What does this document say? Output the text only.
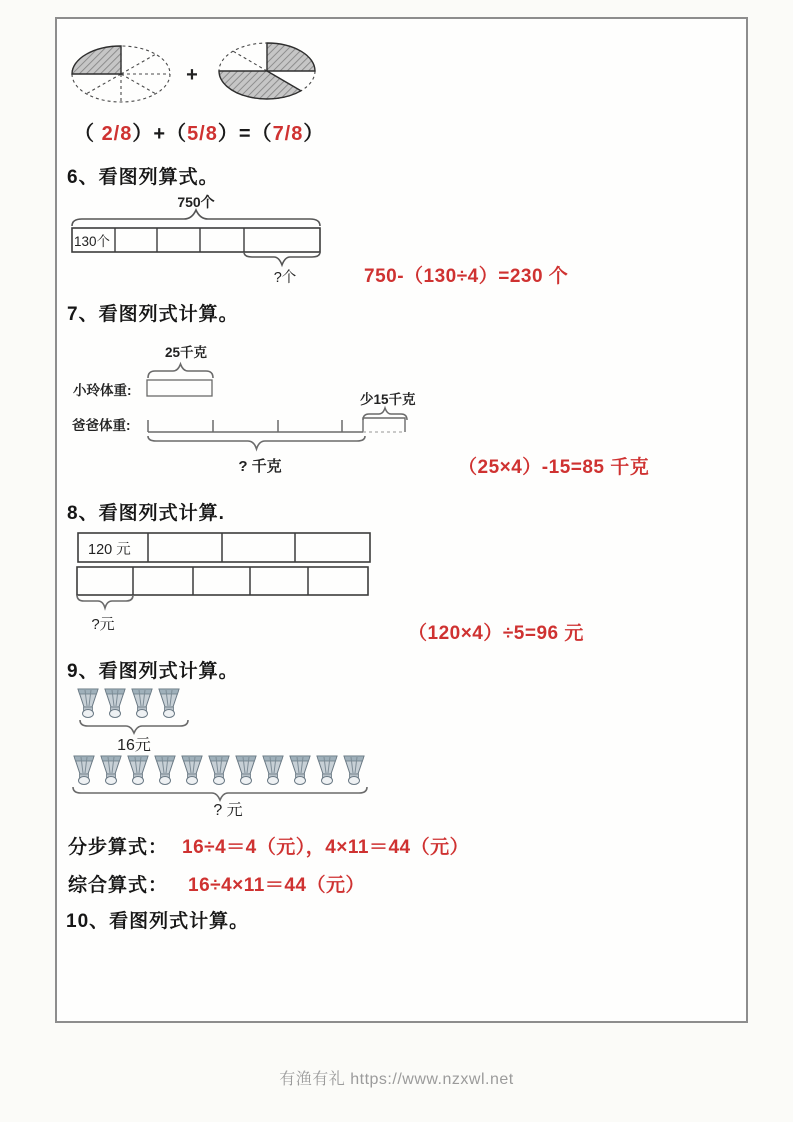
+
（ 2/8）+（5/8）=（7/8）
6、看图列算式。
750个
130个
?个	750-（130÷4）=230 个
7、看图列式计算。
25千克
小玲体重:
少15千克
爸爸体重:
? 千克	（25×4）-15=85 千克
8、看图列式计算.
120 元
?元	（120×4）÷5=96 元
9、看图列式计算。
16元
? 元
分步算式： 16÷4＝4（元），4×11＝44（元）
综合算式： 16÷4×11＝44（元）
10、看图列式计算。
有渔有礼 https://www.nzxwl.net
